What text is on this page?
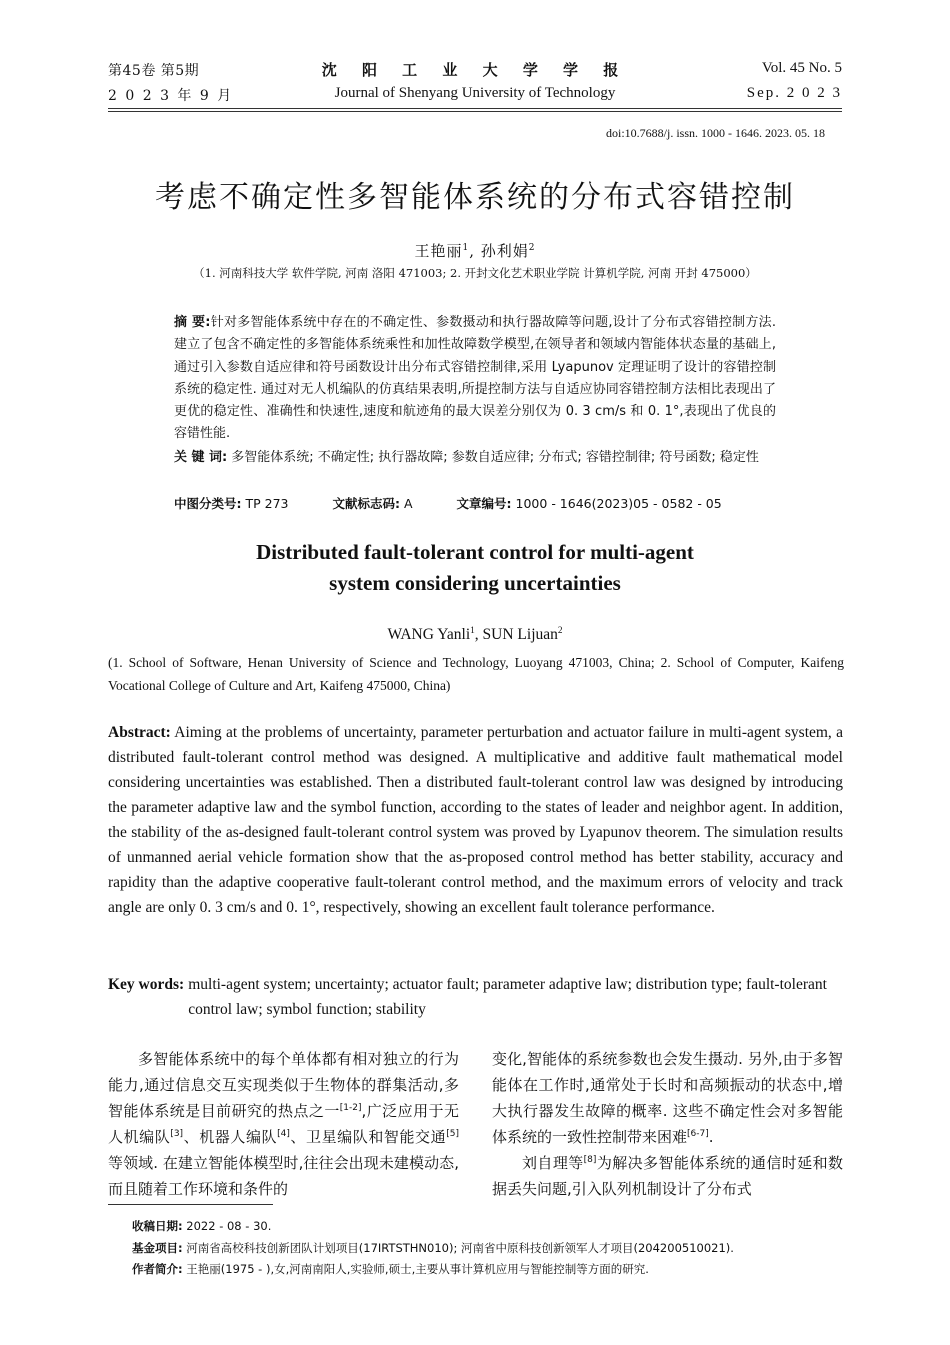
第45卷 第5期	沈 阳 工 业 大 学 学 报	Vol. 45 No. 5
2 0 2 3 年 9 月	Journal of Shenyang University of Technology	Sep. 2 0 2 3
doi:10.7688/j. issn. 1000 - 1646. 2023. 05. 18
考虑不确定性多智能体系统的分布式容错控制
王艳丽$^1$, 孙利娟$^2$
（1. 河南科技大学 软件学院, 河南 洛阳 471003; 2. 开封文化艺术职业学院 计算机学院, 河南 开封 475000）
摘 要:针对多智能体系统中存在的不确定性、参数摄动和执行器故障等问题,设计了分布式容错控制方法. 建立了包含不确定性的多智能体系统乘性和加性故障数学模型,在领导者和领域内智能体状态量的基础上,通过引入参数自适应律和符号函数设计出分布式容错控制律,采用 Lyapunov 定理证明了设计的容错控制系统的稳定性. 通过对无人机编队的仿真结果表明,所提控制方法与自适应协同容错控制方法相比表现出了更优的稳定性、准确性和快速性,速度和航迹角的最大误差分别仅为 0. 3 cm/s 和 0. 1°,表现出了优良的容错性能.
关 键 词: 多智能体系统; 不确定性; 执行器故障; 参数自适应律; 分布式; 容错控制律; 符号函数; 稳定性
中图分类号: TP 273	文献标志码: A	文章编号: 1000 - 1646(2023)05 - 0582 - 05
Distributed fault-tolerant control for multi-agent
system considering uncertainties
WANG Yanli$^1$, SUN Lijuan$^2$
(1. School of Software, Henan University of Science and Technology, Luoyang 471003, China; 2. School of Computer, Kaifeng Vocational College of Culture and Art, Kaifeng 475000, China)
Abstract: Aiming at the problems of uncertainty, parameter perturbation and actuator failure in multi-agent system, a distributed fault-tolerant control method was designed. A multiplicative and additive fault mathematical model considering uncertainties was established. Then a distributed fault-tolerant control law was designed by introducing the parameter adaptive law and the symbol function, according to the states of leader and neighbor agent. In addition, the stability of the as-designed fault-tolerant control system was proved by Lyapunov theorem. The simulation results of unmanned aerial vehicle formation show that the as-proposed control method has better stability, accuracy and rapidity than the adaptive cooperative fault-tolerant control method, and the maximum errors of velocity and track angle are only 0. 3 cm/s and 0. 1°, respectively, showing an excellent fault tolerance performance.
Key words: multi-agent system; uncertainty; actuator fault; parameter adaptive law; distribution type; fault-tolerant control law; symbol function; stability

多智能体系统中的每个单体都有相对独立的行为能力,通过信息交互实现类似于生物体的群集活动,多智能体系统是目前研究的热点之一[1-2],广泛应用于无人机编队[3]、机器人编队[4]、卫星编队和智能交通[5]等领域. 在建立智能体模型时,往往会出现未建模动态,而且随着工作环境和条件的

变化,智能体的系统参数也会发生摄动. 另外,由于多智能体在工作时,通常处于长时和高频振动的状态中,增大执行器发生故障的概率. 这些不确定性会对多智能体系统的一致性控制带来困难[6-7].

刘自理等[8]为解决多智能体系统的通信时延和数据丢失问题,引入队列机制设计了分布式

收稿日期: 2022 - 08 - 30.
基金项目: 河南省高校科技创新团队计划项目(17IRTSTHN010); 河南省中原科技创新领军人才项目(204200510021).
作者简介: 王艳丽(1975 - ),女,河南南阳人,实验师,硕士,主要从事计算机应用与智能控制等方面的研究.
